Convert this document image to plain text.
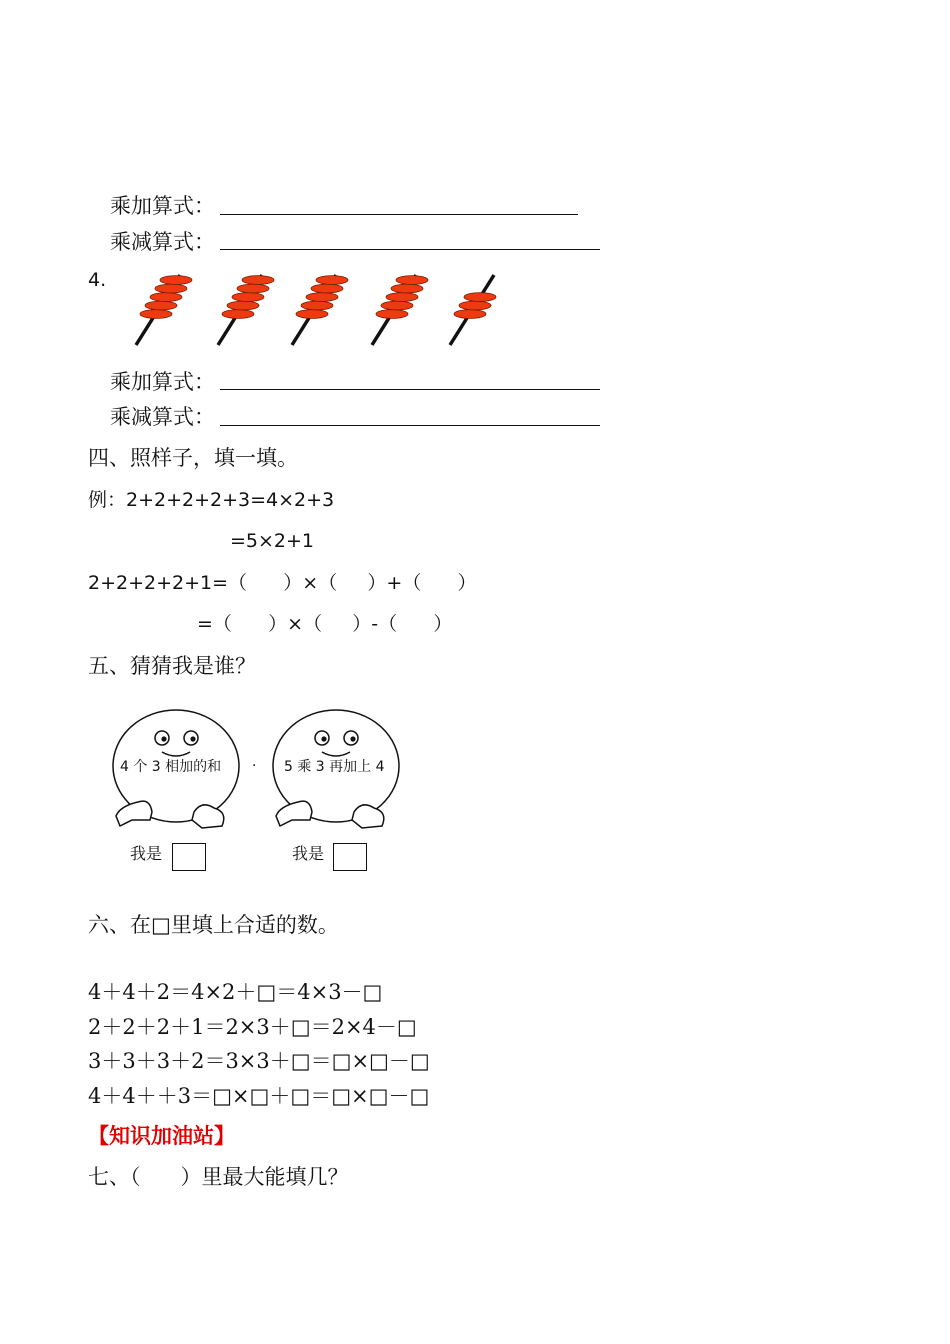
乘加算式：
乘减算式：
4.
乘加算式：
乘减算式：
四、照样子，填一填。
例：2+2+2+2+3=4×2+3
=5×2+1
2+2+2+2+1=（      ）×（     ）+（      ）
=（      ）×（     ）-（      ）
五、猜猜我是谁？
4 个 3 相加的和	5 乘 3 再加上 4
·
我是	我是
六、在□里填上合适的数。
4＋4＋2＝4×2＋□＝4×3－□
2＋2＋2＋1＝2×3＋□＝2×4－□
3＋3＋3＋2＝3×3＋□＝□×□－□
4＋4＋＋3＝□×□＋□＝□×□－□
【知识加油站】
七、（      ）里最大能填几？
